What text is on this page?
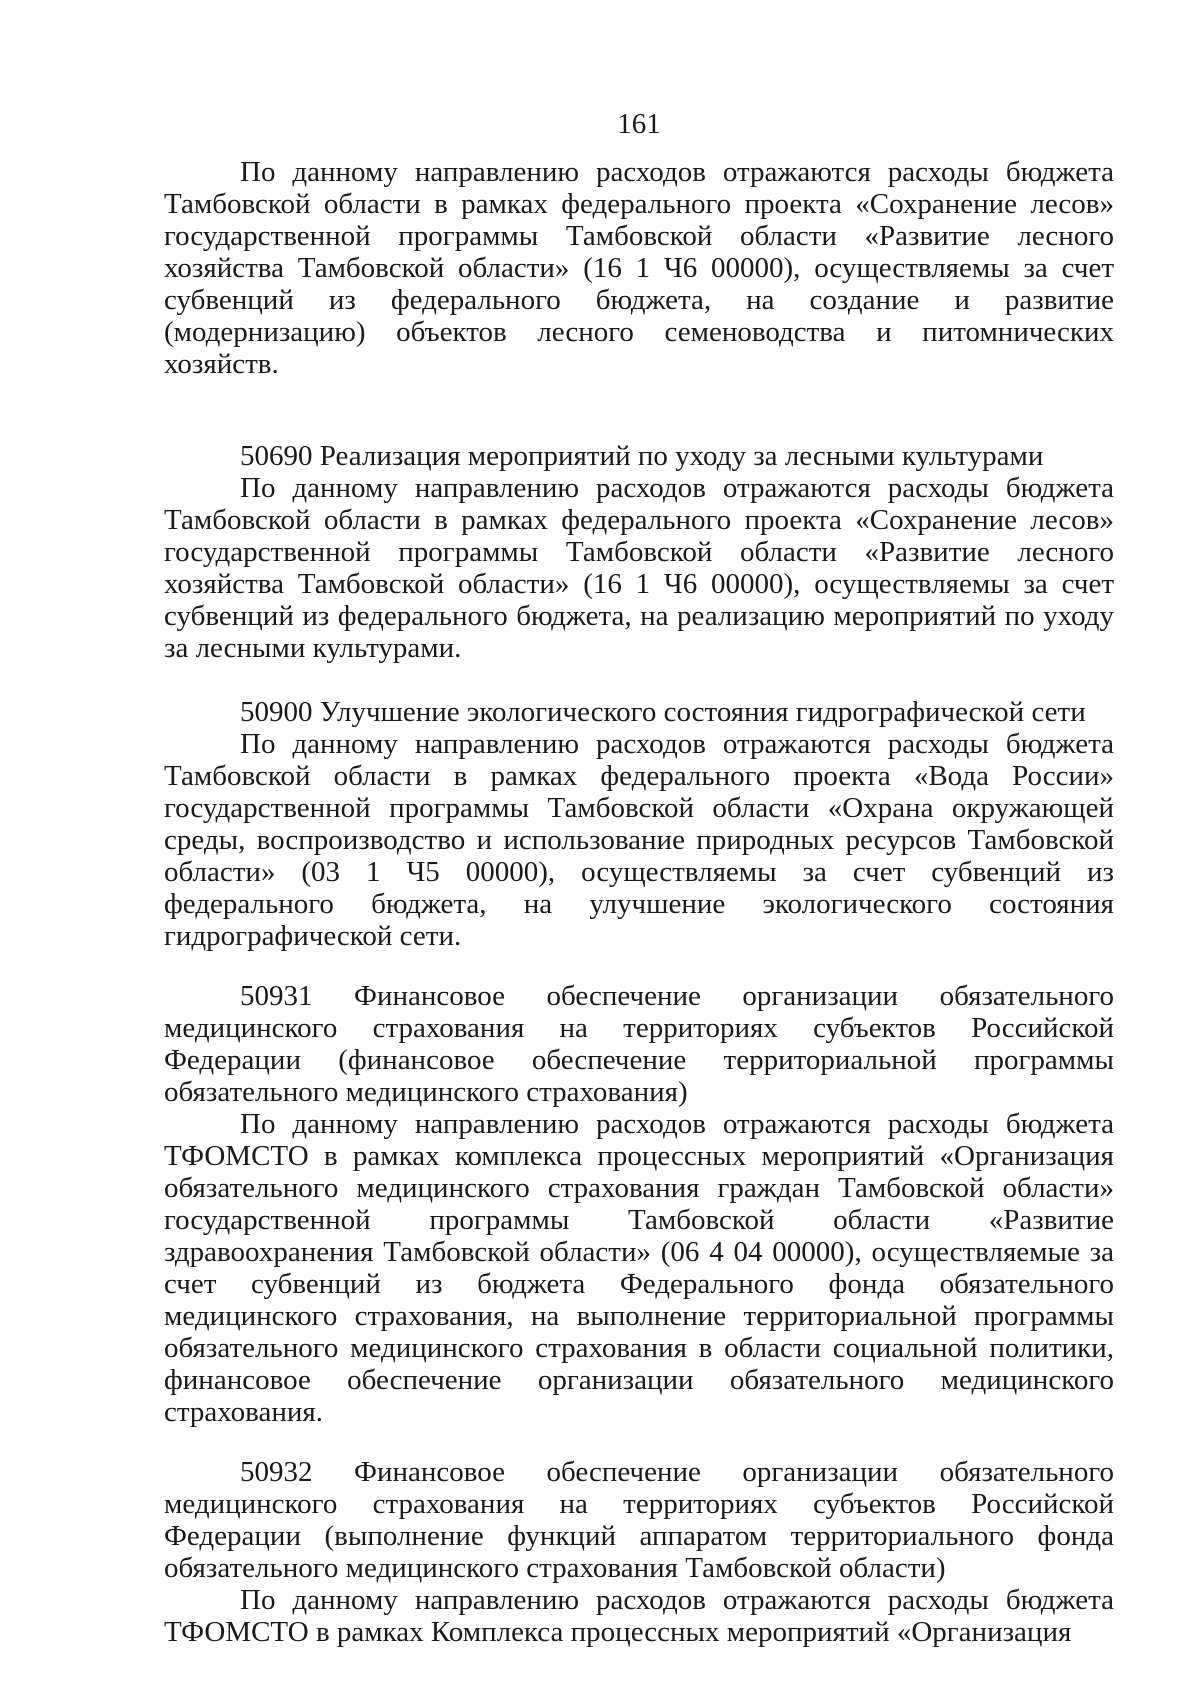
161

По данному направлению расходов отражаются расходы бюджета Тамбовской области в рамках федерального проекта «Сохранение лесов» государственной программы Тамбовской области «Развитие лесного хозяйства Тамбовской области» (16 1 Ч6 00000), осуществляемы за счет субвенций из федерального бюджета, на создание и развитие (модернизацию) объектов лесного семеноводства и питомнических хозяйств.

50690 Реализация мероприятий по уходу за лесными культурами

По данному направлению расходов отражаются расходы бюджета Тамбовской области в рамках федерального проекта «Сохранение лесов» государственной программы Тамбовской области «Развитие лесного хозяйства Тамбовской области» (16 1 Ч6 00000), осуществляемы за счет субвенций из федерального бюджета, на реализацию мероприятий по уходу за лесными культурами.

50900 Улучшение экологического состояния гидрографической сети

По данному направлению расходов отражаются расходы бюджета Тамбовской области в рамках федерального проекта «Вода России» государственной программы Тамбовской области «Охрана окружающей среды, воспроизводство и использование природных ресурсов Тамбовской области» (03 1 Ч5 00000), осуществляемы за счет субвенций из федерального бюджета, на улучшение экологического состояния гидрографической сети.

50931 Финансовое обеспечение организации обязательного медицинского страхования на территориях субъектов Российской Федерации (финансовое обеспечение территориальной программы обязательного медицинского страхования)

По данному направлению расходов отражаются расходы бюджета ТФОМСТО в рамках комплекса процессных мероприятий «Организация обязательного медицинского страхования граждан Тамбовской области» государственной программы Тамбовской области «Развитие здравоохранения Тамбовской области» (06 4 04 00000), осуществляемые за счет субвенций из бюджета Федерального фонда обязательного медицинского страхования, на выполнение территориальной программы обязательного медицинского страхования в области социальной политики, финансовое обеспечение организации обязательного медицинского страхования.

50932 Финансовое обеспечение организации обязательного медицинского страхования на территориях субъектов Российской Федерации (выполнение функций аппаратом территориального фонда обязательного медицинского страхования Тамбовской области)

По данному направлению расходов отражаются расходы бюджета ТФОМСТО в рамках Комплекса процессных мероприятий «Организация
